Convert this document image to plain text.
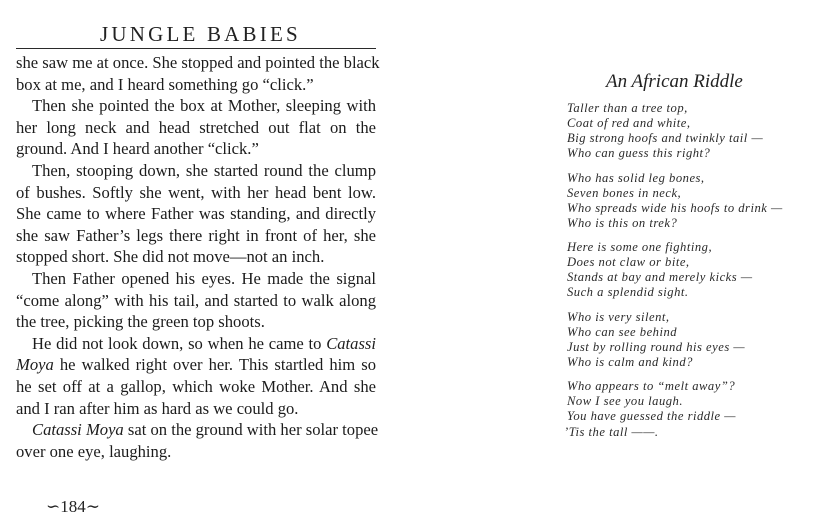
JUNGLE BABIES
she saw me at once. She stopped and pointed the black
box at me, and I heard something go “click.”
Then she pointed the box at Mother, sleeping with
her long neck and head stretched out flat on the
ground. And I heard another “click.”
Then, stooping down, she started round the clump
of bushes. Softly she went, with her head bent low.
She came to where Father was standing, and directly
she saw Father’s legs there right in front of her, she
stopped short. She did not move—not an inch.
Then Father opened his eyes. He made the signal
“come along” with his tail, and started to walk along
the tree, picking the green top shoots.
He did not look down, so when he came to Catassi
Moya he walked right over her. This startled him so
he set off at a gallop, which woke Mother. And she
and I ran after him as hard as we could go.
Catassi Moya sat on the ground with her solar topee
over one eye, laughing.
∽184∼
An African Riddle
Taller than a tree top,
Coat of red and white,
Big strong hoofs and twinkly tail —
Who can guess this right?
Who has solid leg bones,
Seven bones in neck,
Who spreads wide his hoofs to drink —
Who is this on trek?
Here is some one fighting,
Does not claw or bite,
Stands at bay and merely kicks —
Such a splendid sight.
Who is very silent,
Who can see behind
Just by rolling round his eyes —
Who is calm and kind?
Who appears to “melt away”?
Now I see you laugh.
You have guessed the riddle —
’Tis the tall ——.
